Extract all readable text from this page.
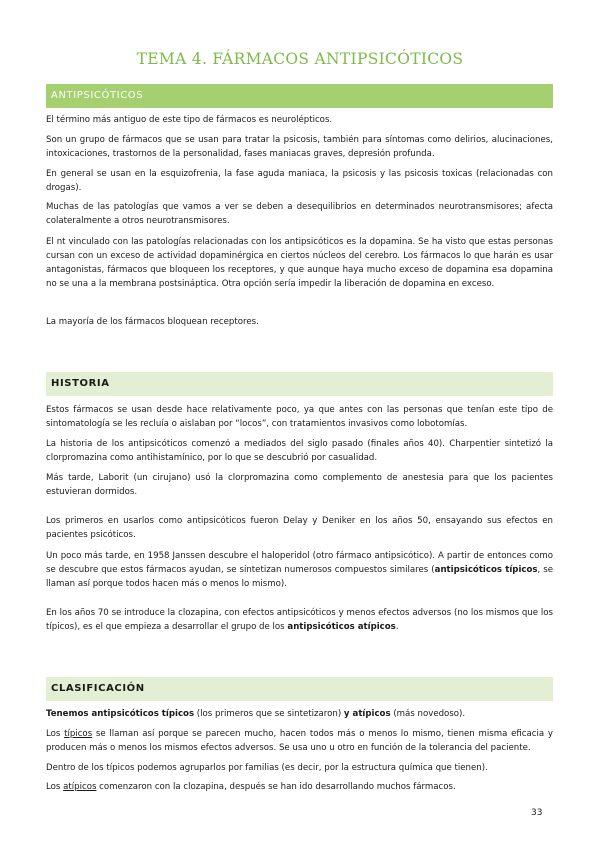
TEMA 4. FÁRMACOS ANTIPSICÓTICOS
ANTIPSICÓTICOS

El término más antiguo de este tipo de fármacos es neurolépticos.

Son un grupo de fármacos que se usan para tratar la psicosis, también para síntomas como delirios, alucinaciones, intoxicaciones, trastornos de la personalidad, fases maniacas graves, depresión profunda.

En general se usan en la esquizofrenia, la fase aguda maniaca, la psicosis y las psicosis toxicas (relacionadas con drogas).

Muchas de las patologías que vamos a ver se deben a desequilibrios en determinados neurotransmisores; afecta colateralmente a otros neurotransmisores.

El nt vinculado con las patologías relacionadas con los antipsicóticos es la dopamina. Se ha visto que estas personas cursan con un exceso de actividad dopaminérgica en ciertos núcleos del cerebro. Los fármacos lo que harán es usar antagonistas, fármacos que bloqueen los receptores, y que aunque haya mucho exceso de dopamina esa dopamina no se una a la membrana postsináptica. Otra opción sería impedir la liberación de dopamina en exceso.

La mayoría de los fármacos bloquean receptores.

HISTORIA

Estos fármacos se usan desde hace relativamente poco, ya que antes con las personas que tenían este tipo de sintomatología se les recluía o aislaban por “locos”, con tratamientos invasivos como lobotomías.

La historia de los antipsicóticos comenzó a mediados del siglo pasado (finales años 40). Charpentier sintetizó la clorpromazina como antihistamínico, por lo que se descubrió por casualidad.

Más tarde, Laborit (un cirujano) usó la clorpromazina como complemento de anestesia para que los pacientes estuvieran dormidos.

Los primeros en usarlos como antipsicóticos fueron Delay y Deniker en los años 50, ensayando sus efectos en pacientes psicóticos.

Un poco más tarde, en 1958 Janssen descubre el haloperidol (otro fármaco antipsicótico). A partir de entonces como se descubre que estos fármacos ayudan, se sintetizan numerosos compuestos similares (antipsicóticos típicos, se llaman así porque todos hacen más o menos lo mismo).

En los años 70 se introduce la clozapina, con efectos antipsicóticos y menos efectos adversos (no los mismos que los típicos), es el que empieza a desarrollar el grupo de los antipsicóticos atípicos.

CLASIFICACIÓN

Tenemos antipsicóticos típicos (los primeros que se sintetizaron) y atípicos (más novedoso).

Los típicos se llaman así porque se parecen mucho, hacen todos más o menos lo mismo, tienen misma eficacia y producen más o menos los mismos efectos adversos. Se usa uno u otro en función de la tolerancia del paciente.

Dentro de los típicos podemos agruparlos por familias (es decir, por la estructura química que tienen).

Los atípicos comenzaron con la clozapina, después se han ido desarrollando muchos fármacos.

33
